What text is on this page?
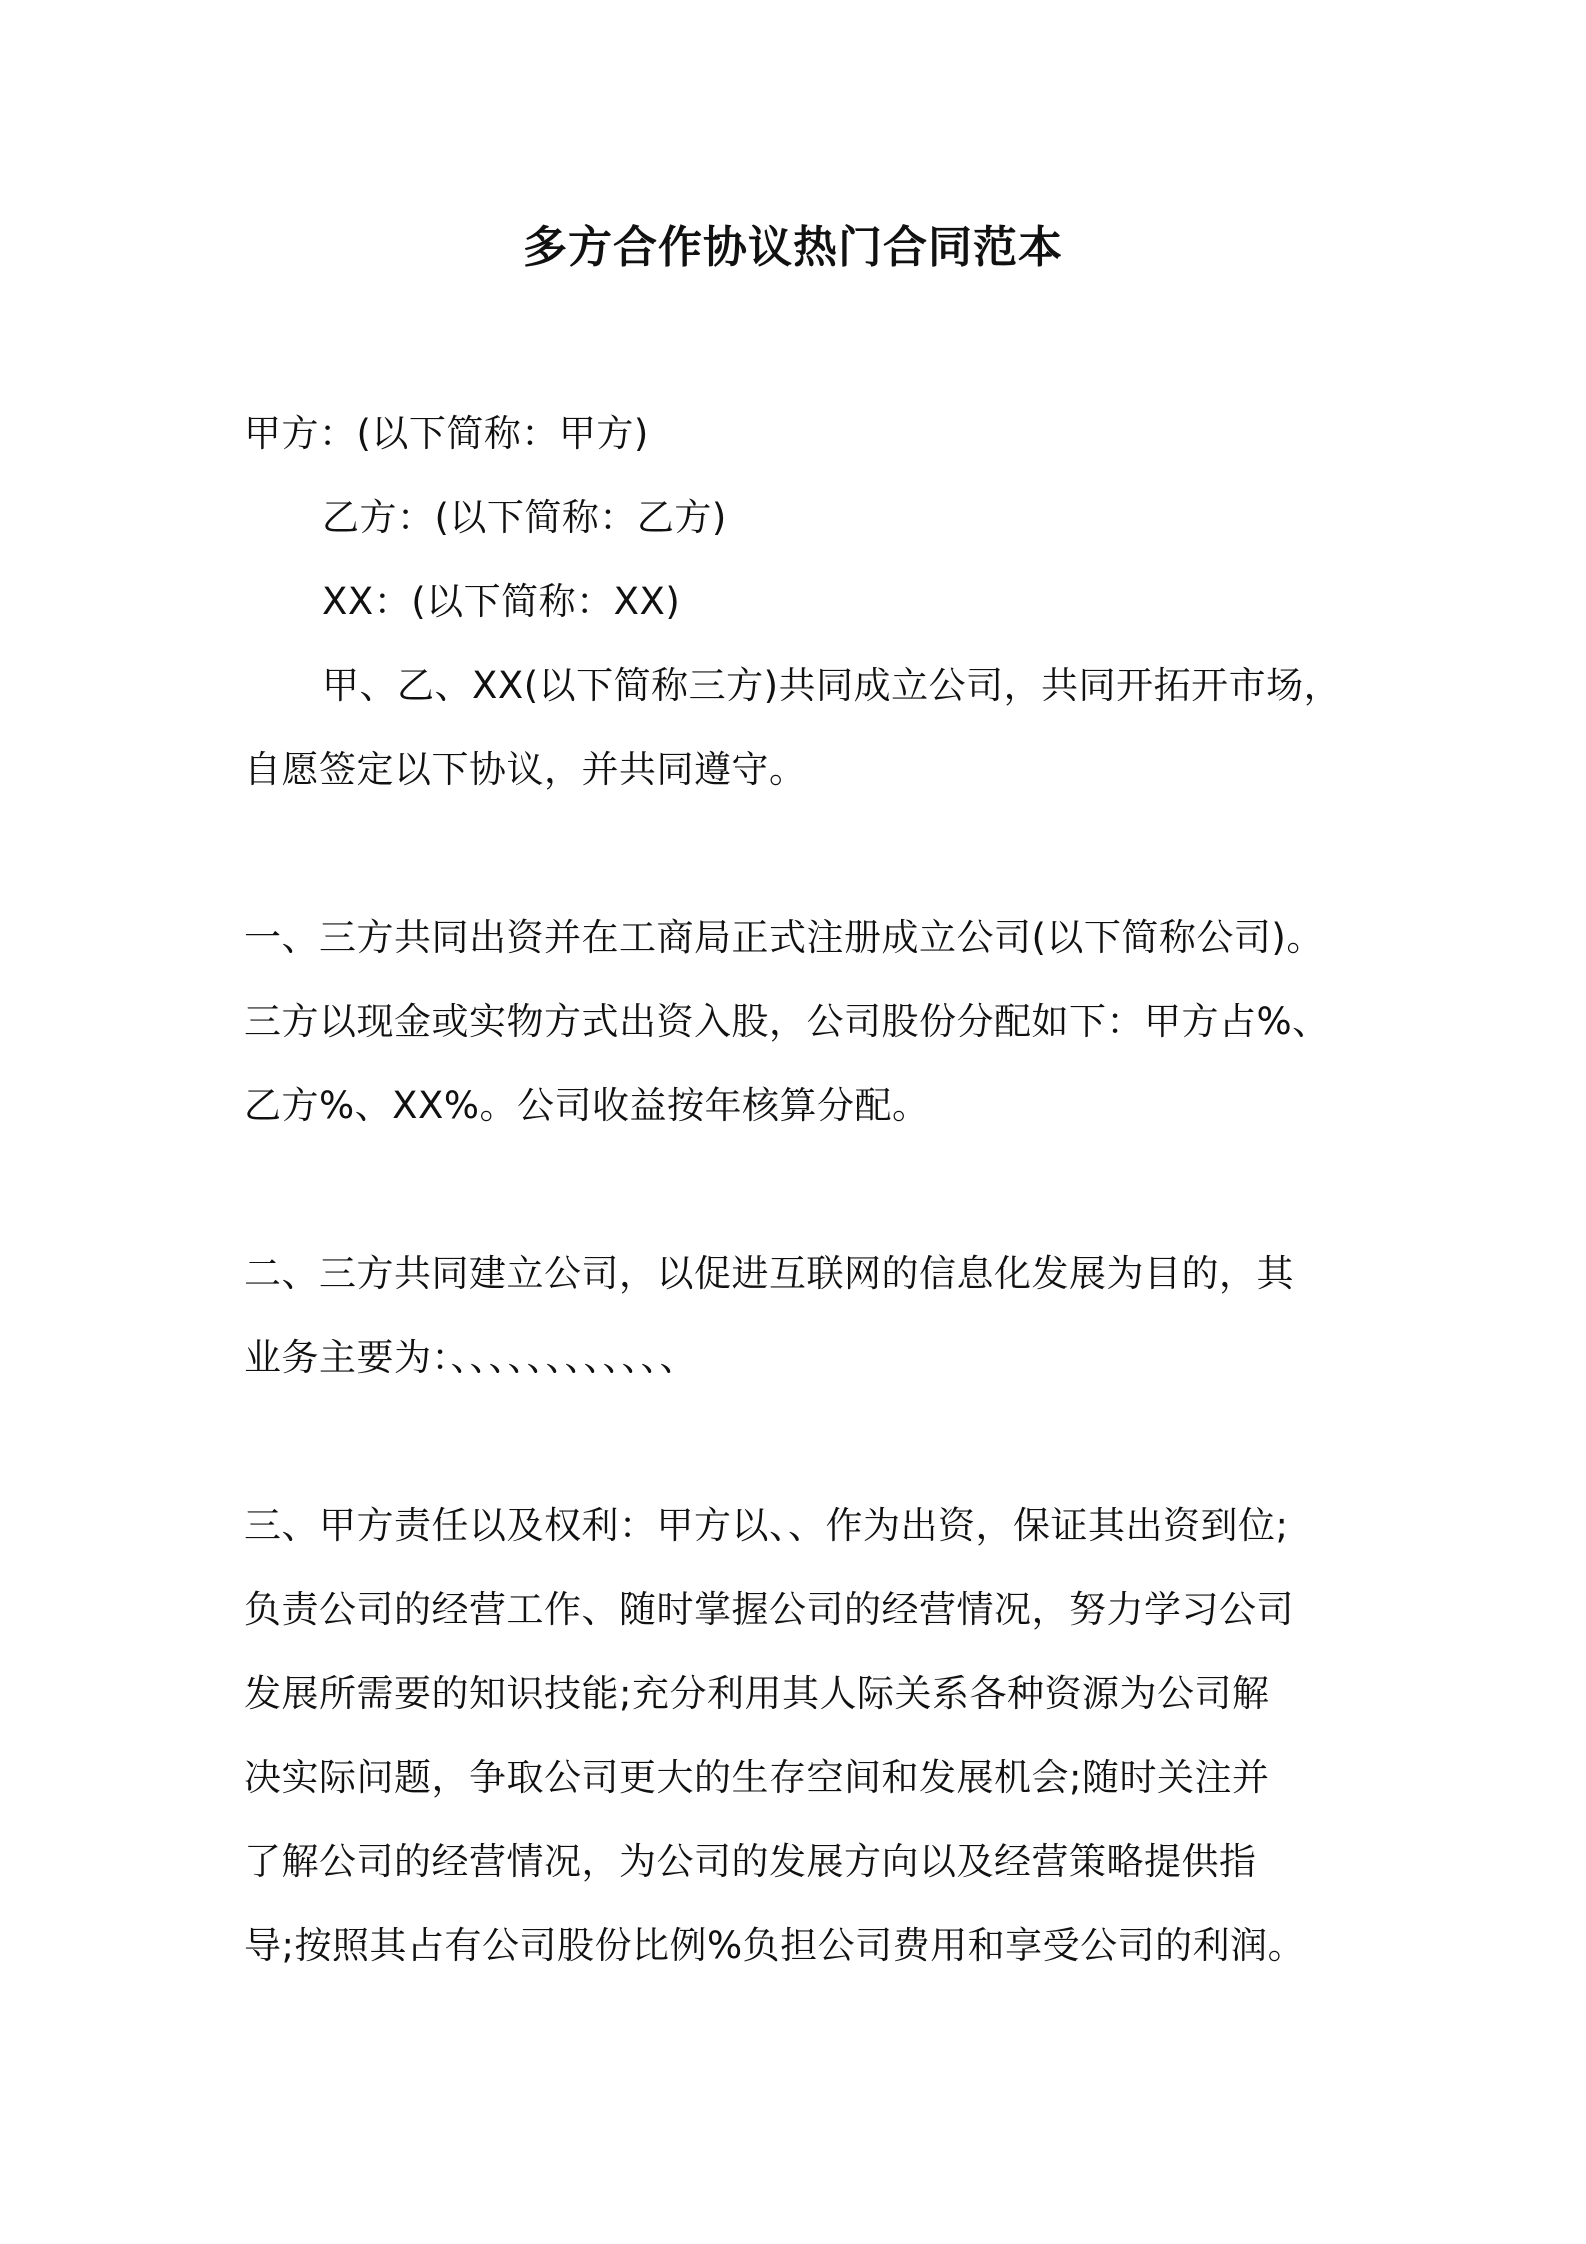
多方合作协议热门合同范本
甲方：(以下简称：甲方)
乙方：(以下简称：乙方)
XX：(以下简称：XX)
甲、乙、XX(以下简称三方)共同成立公司，共同开拓开市场，
自愿签定以下协议，并共同遵守。
一、三方共同出资并在工商局正式注册成立公司(以下简称公司)。
三方以现金或实物方式出资入股，公司股份分配如下：甲方占%、
乙方%、XX%。公司收益按年核算分配。
二、三方共同建立公司，以促进互联网的信息化发展为目的，其
业务主要为：、、、、、、、、、、、、
三、甲方责任以及权利：甲方以、、作为出资，保证其出资到位;
负责公司的经营工作、随时掌握公司的经营情况，努力学习公司
发展所需要的知识技能;充分利用其人际关系各种资源为公司解
决实际问题，争取公司更大的生存空间和发展机会;随时关注并
了解公司的经营情况，为公司的发展方向以及经营策略提供指
导;按照其占有公司股份比例%负担公司费用和享受公司的利润。
